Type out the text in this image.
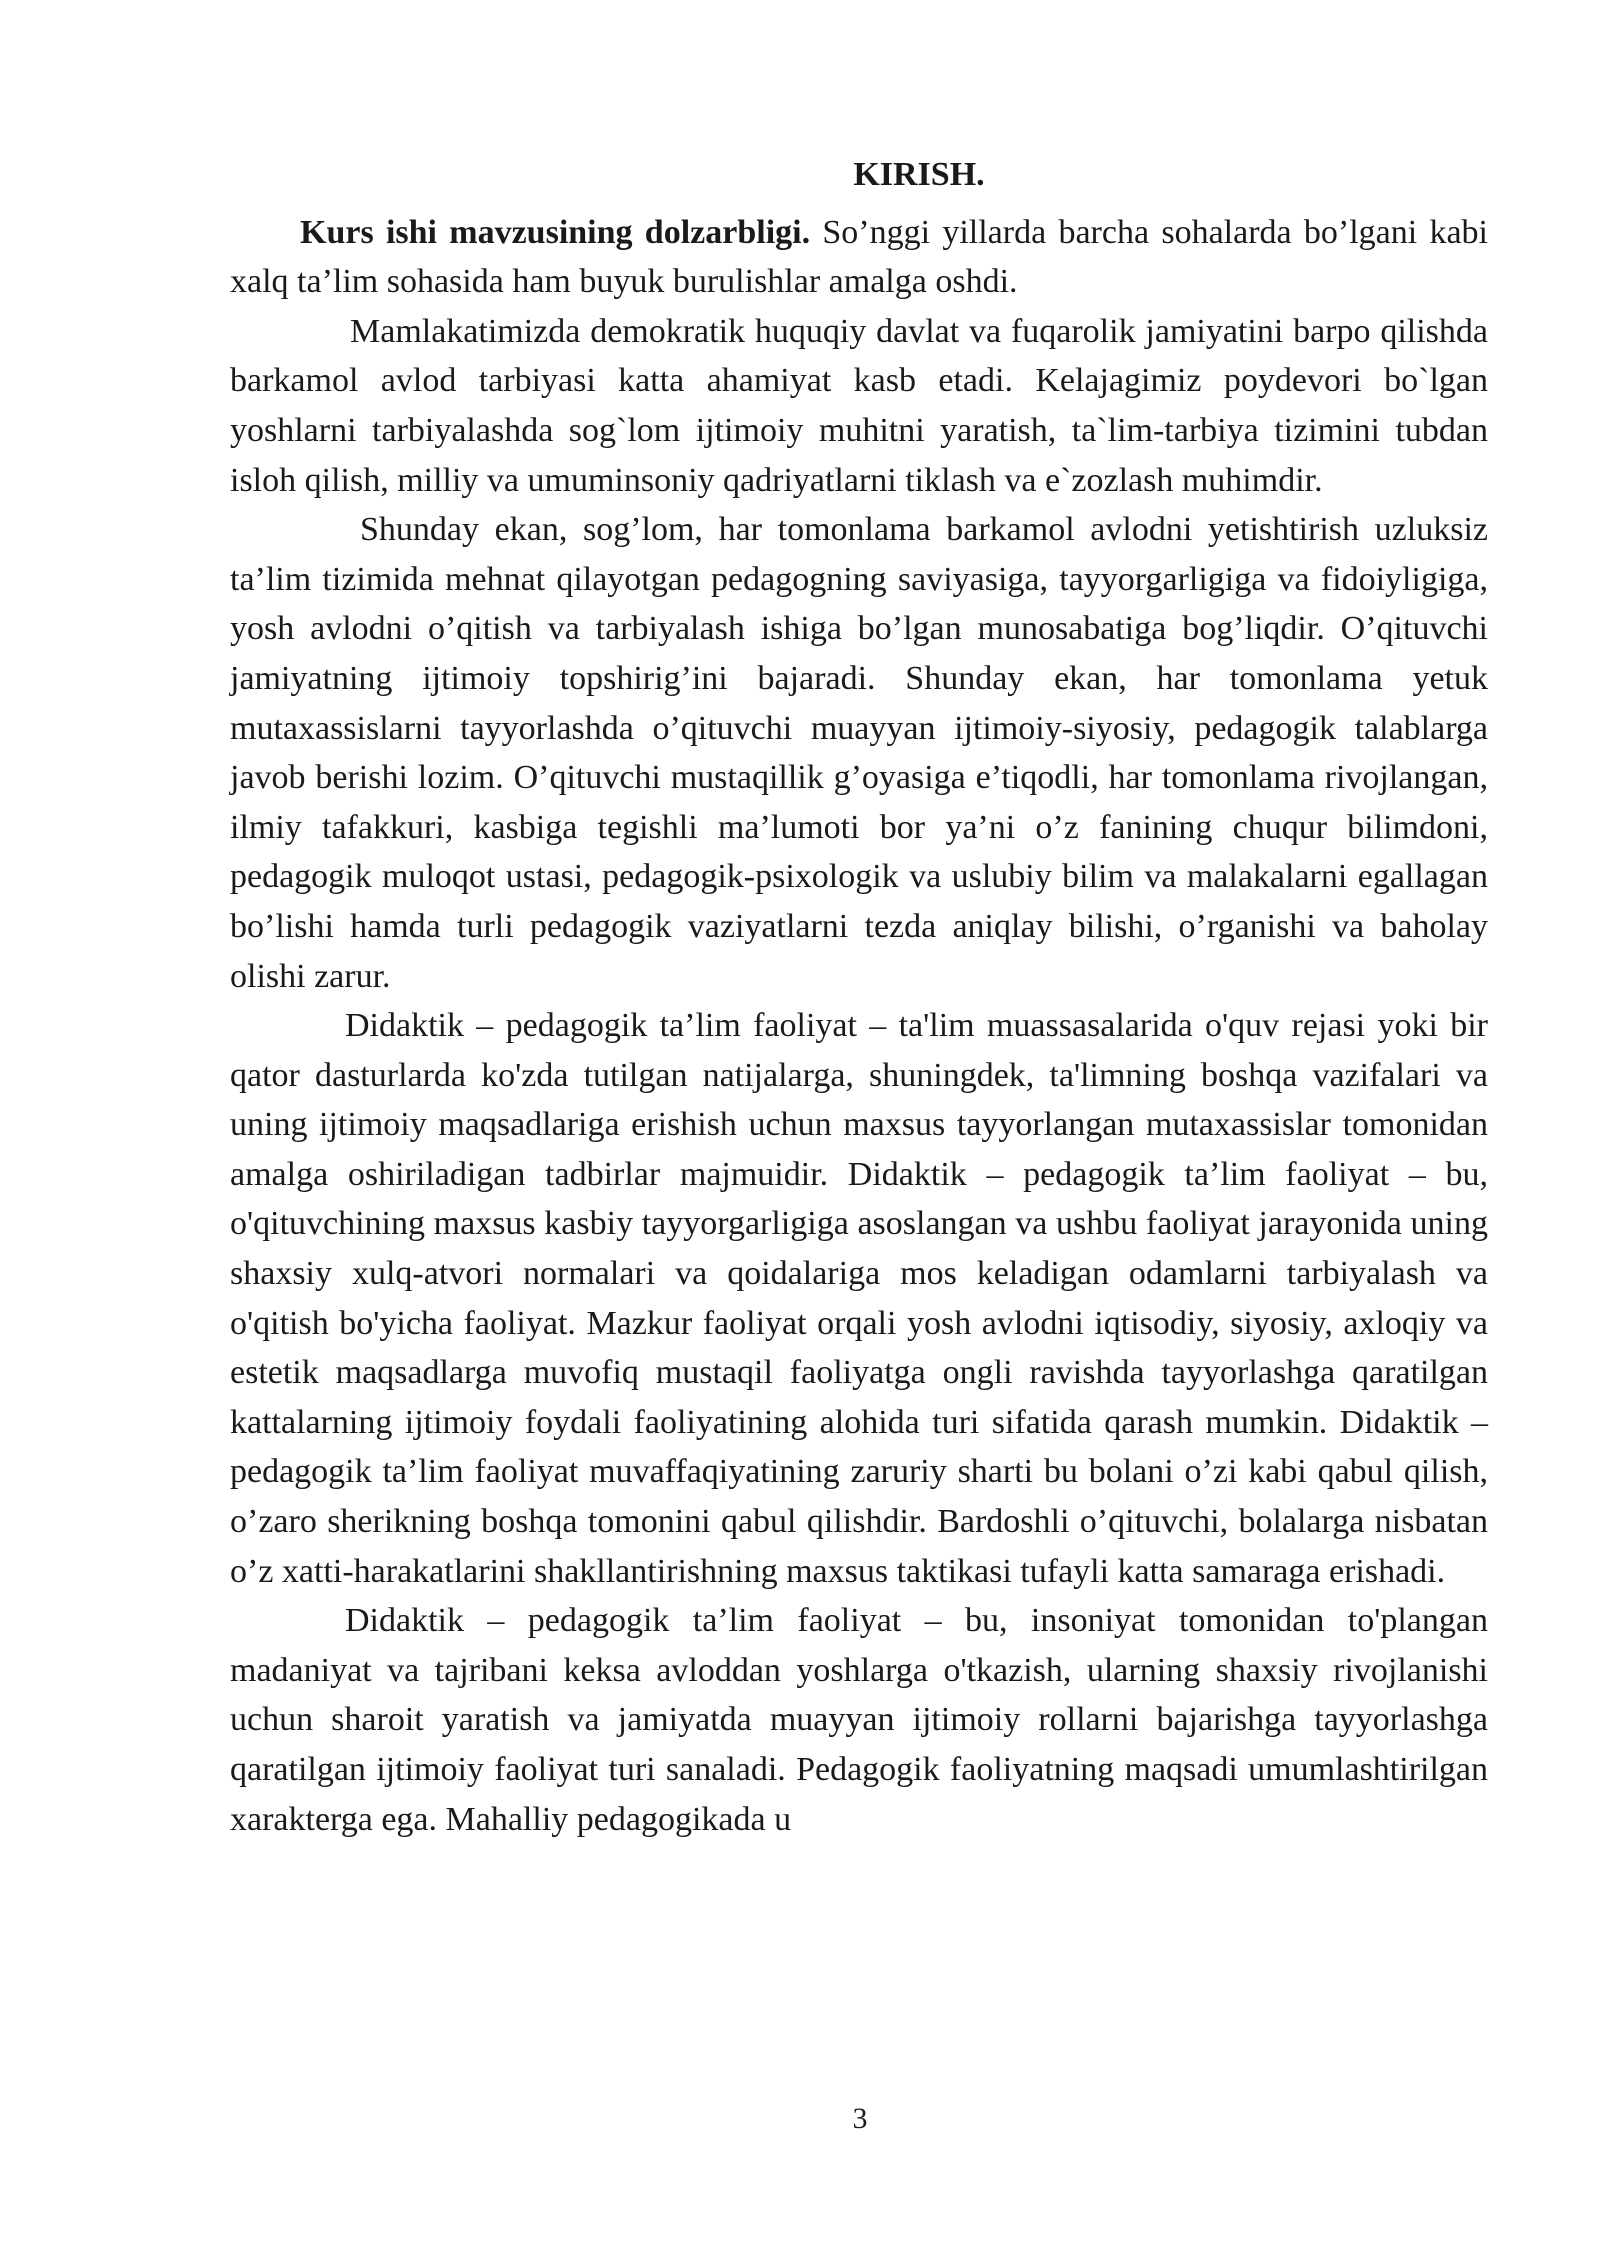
KIRISH.

Kurs ishi mavzusining dolzarbligi. So’nggi yillarda barcha sohalarda bo’lgani kabi xalq ta’lim sohasida ham buyuk burulishlar amalga oshdi.

Mamlakatimizda demokratik huquqiy davlat va fuqarolik jamiyatini barpo qilishda barkamol avlod tarbiyasi katta ahamiyat kasb etadi. Kelajagimiz poydevori bo`lgan yoshlarni tarbiyalashda sog`lom ijtimoiy muhitni yaratish, ta`lim-tarbiya tizimini tubdan isloh qilish, milliy va umuminsoniy qadriyatlarni tiklash va e`zozlash muhimdir.

Shunday ekan, sog’lom, har tomonlama barkamol avlodni yetishtirish uzluksiz ta’lim tizimida mehnat qilayotgan pedagogning saviyasiga, tayyorgarligiga va fidoiyligiga, yosh avlodni o’qitish va tarbiyalash ishiga bo’lgan munosabatiga bog’liqdir. O’qituvchi jamiyatning ijtimoiy topshirig’ini bajaradi. Shunday ekan, har tomonlama yetuk mutaxassislarni tayyorlashda o’qituvchi muayyan ijtimoiy-siyosiy, pedagogik talablarga javob berishi lozim. O’qituvchi mustaqillik g’oyasiga e’tiqodli, har tomonlama rivojlangan, ilmiy tafakkuri, kasbiga tegishli ma’lumoti bor ya’ni o’z fanining chuqur bilimdoni, pedagogik muloqot ustasi, pedagogik-psixologik va uslubiy bilim va malakalarni egallagan bo’lishi hamda turli pedagogik vaziyatlarni tezda aniqlay bilishi, o’rganishi va baholay olishi zarur.

Didaktik – pedagogik ta’lim faoliyat – ta'lim muassasalarida o'quv rejasi yoki bir qator dasturlarda ko'zda tutilgan natijalarga, shuningdek, ta'limning boshqa vazifalari va uning ijtimoiy maqsadlariga erishish uchun maxsus tayyorlangan mutaxassislar tomonidan amalga oshiriladigan tadbirlar majmuidir. Didaktik – pedagogik ta’lim faoliyat – bu, o'qituvchining maxsus kasbiy tayyorgarligiga asoslangan va ushbu faoliyat jarayonida uning shaxsiy xulq-atvori normalari va qoidalariga mos keladigan odamlarni tarbiyalash va o'qitish bo'yicha faoliyat. Mazkur faoliyat orqali yosh avlodni iqtisodiy, siyosiy, axloqiy va estetik maqsadlarga muvofiq mustaqil faoliyatga ongli ravishda tayyorlashga qaratilgan kattalarning ijtimoiy foydali faoliyatining alohida turi sifatida qarash mumkin. Didaktik – pedagogik ta’lim faoliyat muvaffaqiyatining zaruriy sharti bu bolani o’zi kabi qabul qilish, o’zaro sherikning boshqa tomonini qabul qilishdir. Bardoshli o’qituvchi, bolalarga nisbatan o’z xatti-harakatlarini shakllantirishning maxsus taktikasi tufayli katta samaraga erishadi.

Didaktik – pedagogik ta’lim faoliyat – bu, insoniyat tomonidan to'plangan madaniyat va tajribani keksa avloddan yoshlarga o'tkazish, ularning shaxsiy rivojlanishi uchun sharoit yaratish va jamiyatda muayyan ijtimoiy rollarni bajarishga tayyorlashga qaratilgan ijtimoiy faoliyat turi sanaladi. Pedagogik faoliyatning maqsadi umumlashtirilgan xarakterga ega. Mahalliy pedagogikada u

3
